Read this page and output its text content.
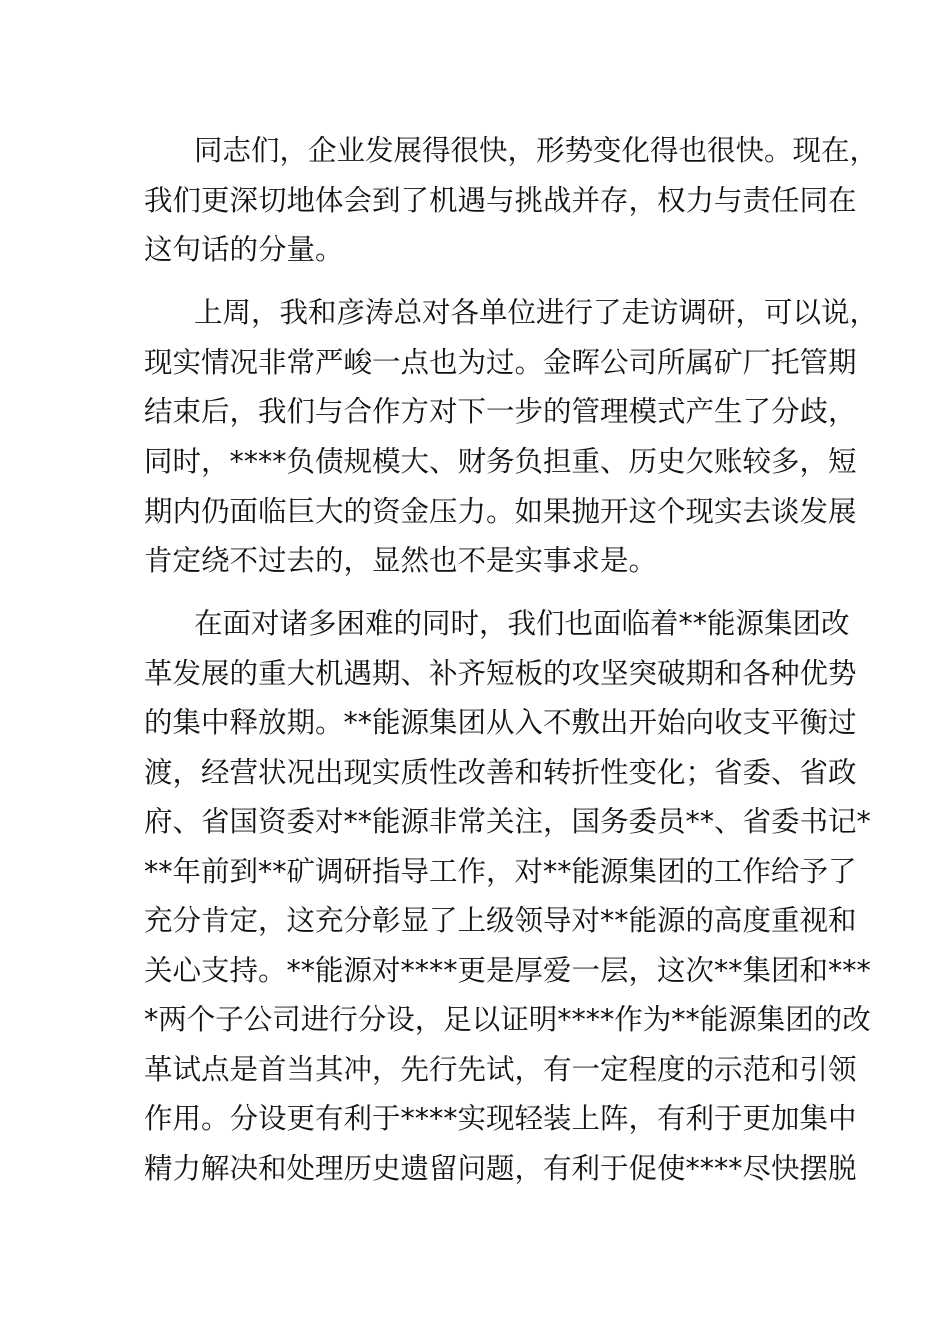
同志们，企业发展得很快，形势变化得也很快。现在，
我们更深切地体会到了机遇与挑战并存，权力与责任同在
这句话的分量。
上周，我和彦涛总对各单位进行了走访调研，可以说，
现实情况非常严峻一点也为过。金晖公司所属矿厂托管期
结束后，我们与合作方对下一步的管理模式产生了分歧，
同时，****负债规模大、财务负担重、历史欠账较多，短
期内仍面临巨大的资金压力。如果抛开这个现实去谈发展
肯定绕不过去的，显然也不是实事求是。
在面对诸多困难的同时，我们也面临着**能源集团改
革发展的重大机遇期、补齐短板的攻坚突破期和各种优势
的集中释放期。**能源集团从入不敷出开始向收支平衡过
渡，经营状况出现实质性改善和转折性变化；省委、省政
府、省国资委对**能源非常关注，国务委员**、省委书记*
**年前到**矿调研指导工作，对**能源集团的工作给予了
充分肯定，这充分彰显了上级领导对**能源的高度重视和
关心支持。**能源对****更是厚爱一层，这次**集团和***
*两个子公司进行分设，足以证明****作为**能源集团的改
革试点是首当其冲，先行先试，有一定程度的示范和引领
作用。分设更有利于****实现轻装上阵，有利于更加集中
精力解决和处理历史遗留问题，有利于促使****尽快摆脱
